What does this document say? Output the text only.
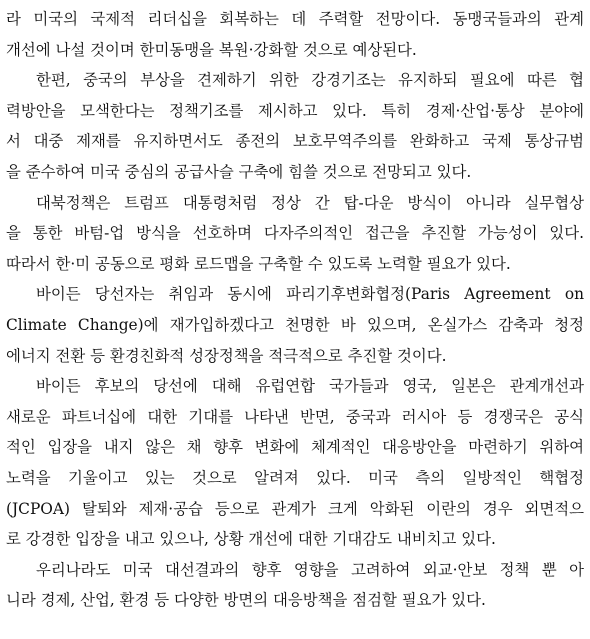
라 미국의 국제적 리더십을 회복하는 데 주력할 전망이다. 동맹국들과의 관계
개선에 나설 것이며 한미동맹을 복원·강화할 것으로 예상된다.
한편, 중국의 부상을 견제하기 위한 강경기조는 유지하되 필요에 따른 협
력방안을 모색한다는 정책기조를 제시하고 있다. 특히 경제·산업·통상 분야에
서 대중 제재를 유지하면서도 종전의 보호무역주의를 완화하고 국제 통상규범
을 준수하여 미국 중심의 공급사슬 구축에 힘쓸 것으로 전망되고 있다.
대북정책은 트럼프 대통령처럼 정상 간 탑-다운 방식이 아니라 실무협상
을 통한 바텀-업 방식을 선호하며 다자주의적인 접근을 추진할 가능성이 있다.
따라서 한·미 공동으로 평화 로드맵을 구축할 수 있도록 노력할 필요가 있다.
바이든 당선자는 취임과 동시에 파리기후변화협정(Paris Agreement on
Climate Change)에 재가입하겠다고 천명한 바 있으며, 온실가스 감축과 청정
에너지 전환 등 환경친화적 성장정책을 적극적으로 추진할 것이다.
바이든 후보의 당선에 대해 유럽연합 국가들과 영국, 일본은 관계개선과
새로운 파트너십에 대한 기대를 나타낸 반면, 중국과 러시아 등 경쟁국은 공식
적인 입장을 내지 않은 채 향후 변화에 체계적인 대응방안을 마련하기 위하여
노력을 기울이고 있는 것으로 알려져 있다. 미국 측의 일방적인 핵협정
(JCPOA) 탈퇴와 제재·공습 등으로 관계가 크게 악화된 이란의 경우 외면적으
로 강경한 입장을 내고 있으나, 상황 개선에 대한 기대감도 내비치고 있다.
우리나라도 미국 대선결과의 향후 영향을 고려하여 외교·안보 정책 뿐 아
니라 경제, 산업, 환경 등 다양한 방면의 대응방책을 점검할 필요가 있다.
